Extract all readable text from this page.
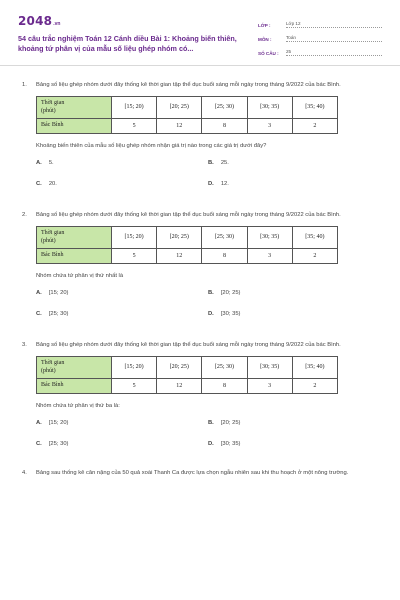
2048 .vn
54 câu trắc nghiệm Toán 12 Cánh diều Bài 1: Khoảng biến thiên, khoảng tứ phân vị của mẫu số liệu ghép nhóm có...
LỚP :	Lớp 12
MÔN :	Toán
SỐ CÂU :	25
1.	Bảng số liệu ghép nhóm dưới đây thống kê thời gian tập thể dục buổi sáng mỗi ngày trong tháng 9/2022 của bác Bình.
Thời gian
(phút)	[15; 20)	[20; 25)	[25; 30)	[30; 35)	[35; 40)
Bác Bình	5	12	8	3	2
Khoảng biến thiên của mẫu số liệu ghép nhóm nhận giá trị nào trong các giá trị dưới đây?
A. 5.	B. 25.
C. 20.	D. 12.
2.	Bảng số liệu ghép nhóm dưới đây thống kê thời gian tập thể dục buổi sáng mỗi ngày trong tháng 9/2022 của bác Bình.
Thời gian
(phút)	[15; 20)	[20; 25)	[25; 30)	[30; 35)	[35; 40)
Bác Bình	5	12	8	3	2
Nhóm chứa tứ phân vị thứ nhất là
A. [15; 20)	B. [20; 25)
C. [25; 30)	D. [30; 35)
3.	Bảng số liệu ghép nhóm dưới đây thống kê thời gian tập thể dục buổi sáng mỗi ngày trong tháng 9/2022 của bác Bình.
Thời gian
(phút)	[15; 20)	[20; 25)	[25; 30)	[30; 35)	[35; 40)
Bác Bình	5	12	8	3	2
Nhóm chứa tứ phân vị thứ ba là:
A. [15; 20)	B. [20; 25)
C. [25; 30)	D. [30; 35)
4.	Bảng sau thống kê cân nặng của 50 quả xoài Thanh Ca được lựa chọn ngẫu nhiên sau khi thu hoạch ở một nông trường.
